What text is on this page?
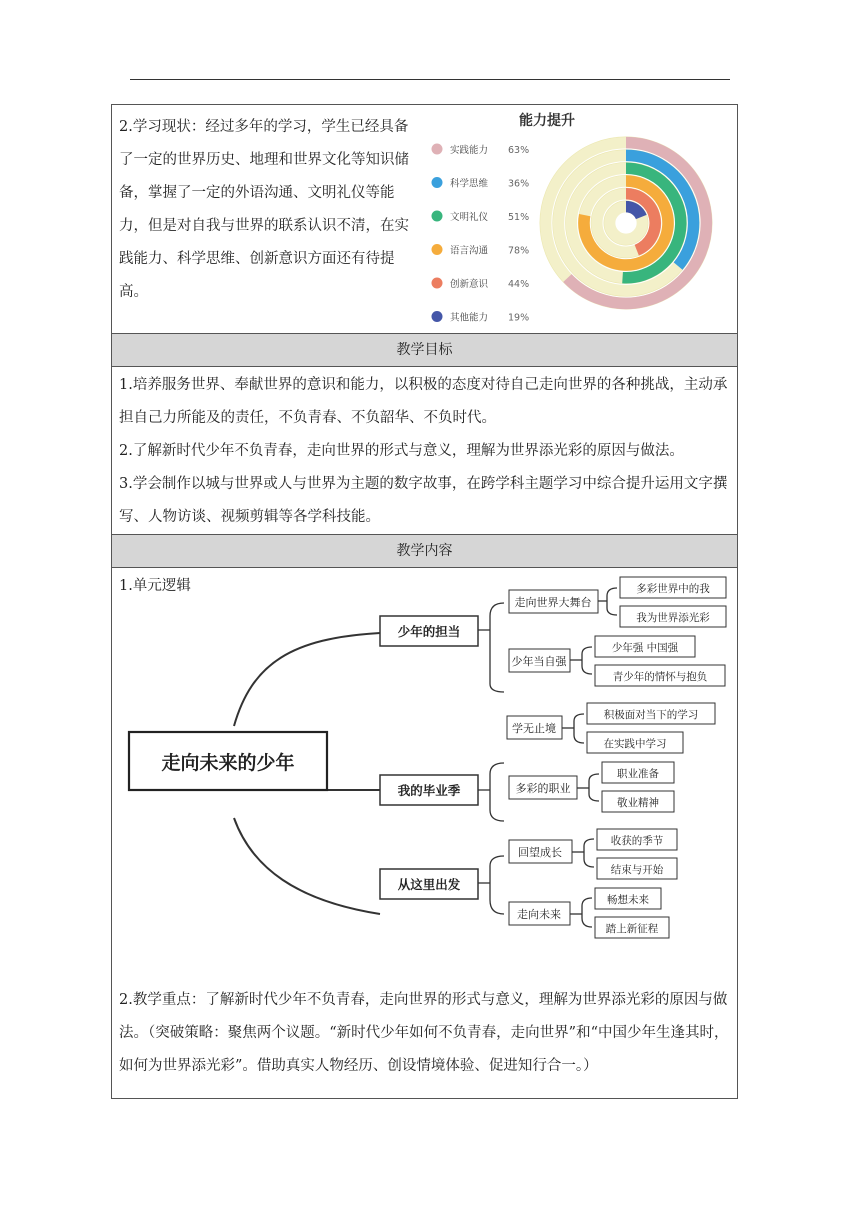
2.学习现状：经过多年的学习，学生已经具备了一定的世界历史、地理和世界文化等知识储备，掌握了一定的外语沟通、文明礼仪等能力，但是对自我与世界的联系认识不清，在实践能力、科学思维、创新意识方面还有待提高。
能力提升
实践能力 63%
科学思维 36%
文明礼仪 51%
语言沟通 78%
创新意识 44%
其他能力 19%
教学目标
1.培养服务世界、奉献世界的意识和能力，以积极的态度对待自己走向世界的各种挑战，主动承担自己力所能及的责任，不负青春、不负韶华、不负时代。
2.了解新时代少年不负青春，走向世界的形式与意义，理解为世界添光彩的原因与做法。
3.学会制作以城与世界或人与世界为主题的数字故事，在跨学科主题学习中综合提升运用文字撰写、人物访谈、视频剪辑等各学科技能。
教学内容
1.单元逻辑
走向未来的少年
少年的担当
我的毕业季
从这里出发
走向世界大舞台
少年当自强
学无止境
多彩的职业
回望成长
走向未来
多彩世界中的我
我为世界添光彩
少年强 中国强
青少年的情怀与抱负
积极面对当下的学习
在实践中学习
职业准备
敬业精神
收获的季节
结束与开始
畅想未来
踏上新征程
2.教学重点：了解新时代少年不负青春，走向世界的形式与意义，理解为世界添光彩的原因与做法。（突破策略：聚焦两个议题。“新时代少年如何不负青春，走向世界”和“中国少年生逢其时，如何为世界添光彩”。借助真实人物经历、创设情境体验、促进知行合一。）
